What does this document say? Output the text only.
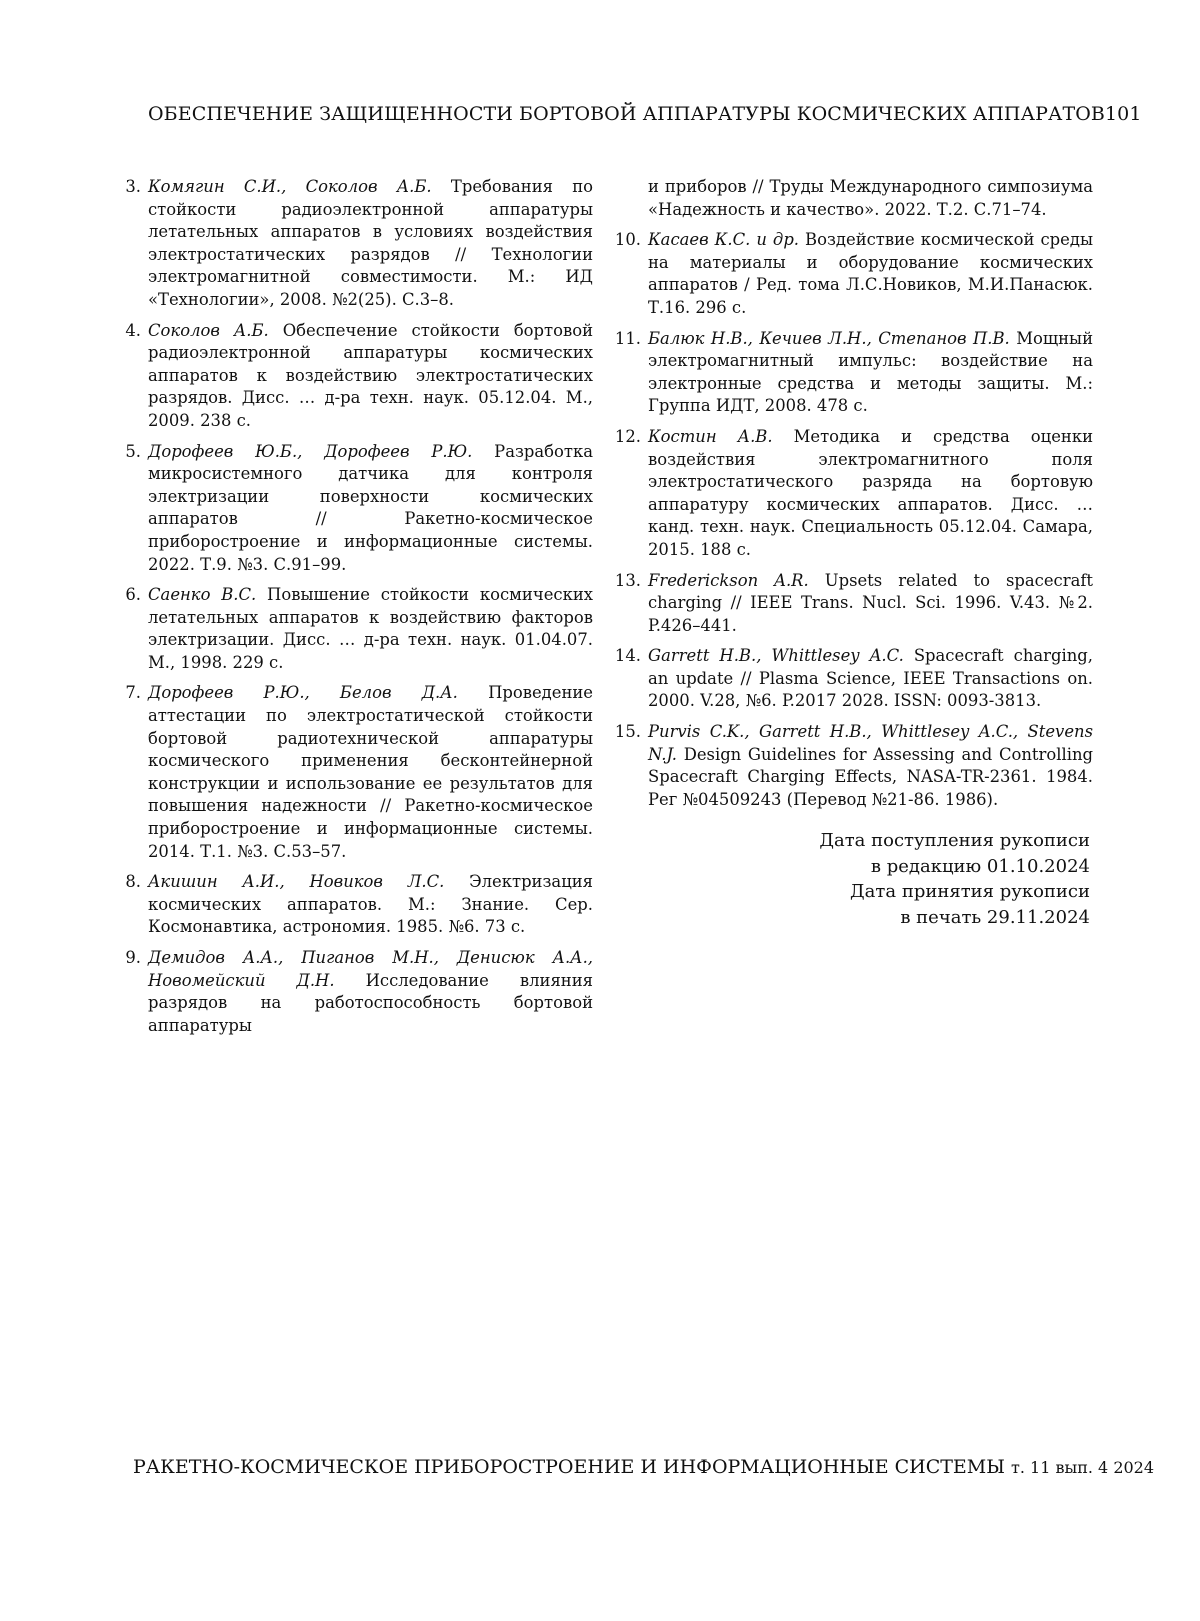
ОБЕСПЕЧЕНИЕ ЗАЩИЩЕННОСТИ БОРТОВОЙ АППАРАТУРЫ КОСМИЧЕСКИХ АППАРАТОВ 101
3. Комягин С.И., Соколов А.Б. Требования по стойкости радиоэлектронной аппаратуры летательных аппаратов в условиях воздействия электростатических разрядов // Технологии электромагнитной совместимости. М.: ИД «Технологии», 2008. №2(25). С.3–8.
4. Соколов А.Б. Обеспечение стойкости бортовой радиоэлектронной аппаратуры космических аппаратов к воздействию электростатических разрядов. Дисс. … д-ра техн. наук. 05.12.04. М., 2009. 238 с.
5. Дорофеев Ю.Б., Дорофеев Р.Ю. Разработка микросистемного датчика для контроля электризации поверхности космических аппаратов // Ракетно-космическое приборостроение и информационные системы. 2022. Т.9. №3. С.91–99.
6. Саенко В.С. Повышение стойкости космических летательных аппаратов к воздействию факторов электризации. Дисс. … д-ра техн. наук. 01.04.07. М., 1998. 229 с.
7. Дорофеев Р.Ю., Белов Д.А. Проведение аттестации по электростатической стойкости бортовой радиотехнической аппаратуры космического применения бесконтейнерной конструкции и использование ее результатов для повышения надежности // Ракетно-космическое приборостроение и информационные системы. 2014. Т.1. №3. С.53–57.
8. Акишин А.И., Новиков Л.С. Электризация космических аппаратов. М.: Знание. Сер. Космонавтика, астрономия. 1985. №6. 73 с.
9. Демидов А.А., Пиганов М.Н., Денисюк А.А., Новомейский Д.Н. Исследование влияния разрядов на работоспособность бортовой аппаратуры
и приборов // Труды Международного симпозиума «Надежность и качество». 2022. Т.2. С.71–74.
10. Касаев К.С. и др. Воздействие космической среды на материалы и оборудование космических аппаратов / Ред. тома Л.С.Новиков, М.И.Панасюк. Т.16. 296 с.
11. Балюк Н.В., Кечиев Л.Н., Степанов П.В. Мощный электромагнитный импульс: воздействие на электронные средства и методы защиты. М.: Группа ИДТ, 2008. 478 с.
12. Костин А.В. Методика и средства оценки воздействия электромагнитного поля электростатического разряда на бортовую аппаратуру космических аппаратов. Дисс. … канд. техн. наук. Специальность 05.12.04. Самара, 2015. 188 с.
13. Frederickson A.R. Upsets related to spacecraft charging // IEEE Trans. Nucl. Sci. 1996. V.43. №2. P.426–441.
14. Garrett H.B., Whittlesey A.C. Spacecraft charging, an update // Plasma Science, IEEE Transactions on. 2000. V.28, №6. P.2017 2028. ISSN: 0093-3813.
15. Purvis C.K., Garrett H.B., Whittlesey A.C., Stevens N.J. Design Guidelines for Assessing and Controlling Spacecraft Charging Effects, NASA-TR-2361. 1984. Рег №04509243 (Перевод №21-86. 1986).
Дата поступления рукописи
в редакцию 01.10.2024
Дата принятия рукописи
в печать 29.11.2024
РАКЕТНО-КОСМИЧЕСКОЕ ПРИБОРОСТРОЕНИЕ И ИНФОРМАЦИОННЫЕ СИСТЕМЫ т. 11 вып. 4 2024
